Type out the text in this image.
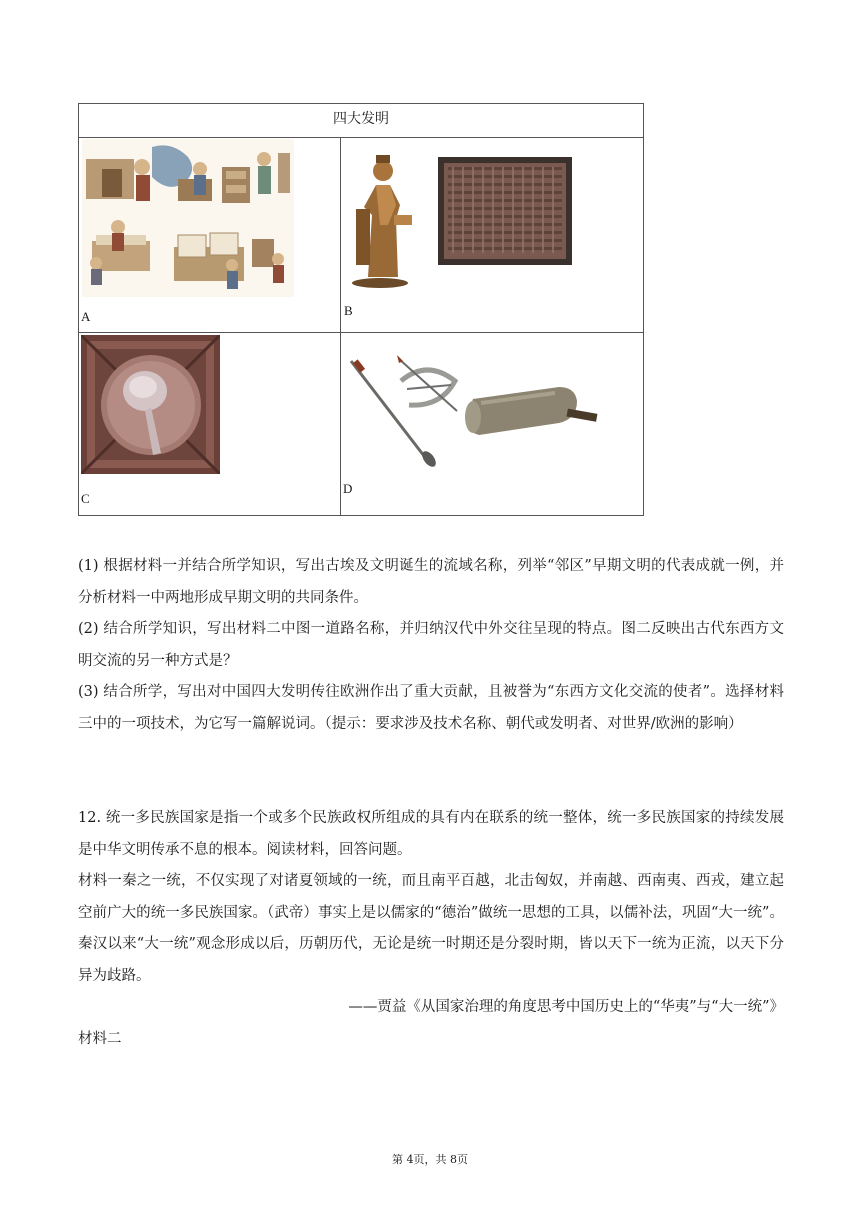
四大发明
A	B
C
D

(1) 根据材料一并结合所学知识，写出古埃及文明诞生的流域名称，列举“邻区”早期文明的代表成就一例，并分析材料一中两地形成早期文明的共同条件。

(2) 结合所学知识，写出材料二中图一道路名称，并归纳汉代中外交往呈现的特点。图二反映出古代东西方文明交流的另一种方式是？

(3) 结合所学，写出对中国四大发明传往欧洲作出了重大贡献，且被誉为“东西方文化交流的使者”。选择材料三中的一项技术，为它写一篇解说词。（提示：要求涉及技术名称、朝代或发明者、对世界/欧洲的影响）

12. 统一多民族国家是指一个或多个民族政权所组成的具有内在联系的统一整体，统一多民族国家的持续发展是中华文明传承不息的根本。阅读材料，回答问题。

材料一秦之一统，不仅实现了对诸夏领域的一统，而且南平百越，北击匈奴，并南越、西南夷、西戎，建立起空前广大的统一多民族国家。（武帝）事实上是以儒家的“德治”做统一思想的工具，以儒补法，巩固“大一统”。秦汉以来“大一统”观念形成以后，历朝历代，无论是统一时期还是分裂时期，皆以天下一统为正流，以天下分异为歧路。

——贾益《从国家治理的角度思考中国历史上的“华夷”与“大一统”》

材料二

第 4页，共 8页
